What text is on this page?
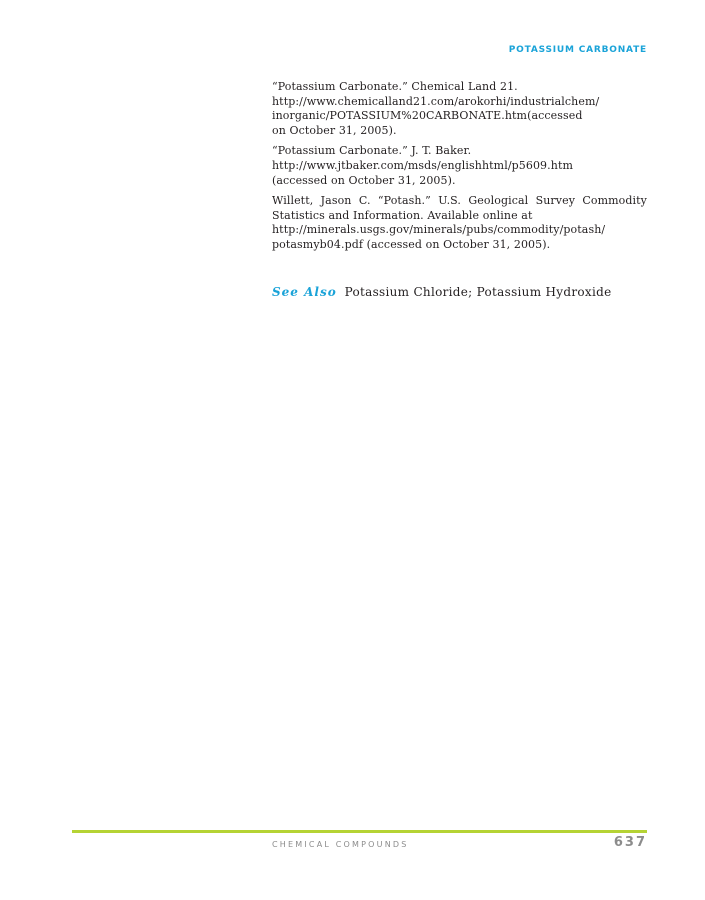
POTASSIUM CARBONATE

“Potassium Carbonate.” Chemical Land 21.
http://www.chemicalland21.com/arokorhi/industrialchem/
inorganic/POTASSIUM%20CARBONATE.htm(accessed
on October 31, 2005).

“Potassium Carbonate.” J. T. Baker.
http://www.jtbaker.com/msds/englishhtml/p5609.htm
(accessed on October 31, 2005).

Willett, Jason C. “Potash.” U.S. Geological Survey Commodity
Statistics and Information. Available online at
http://minerals.usgs.gov/minerals/pubs/commodity/potash/
potasmyb04.pdf (accessed on October 31, 2005).

See Also Potassium Chloride; Potassium Hydroxide
CHEMICAL COMPOUNDS	637
